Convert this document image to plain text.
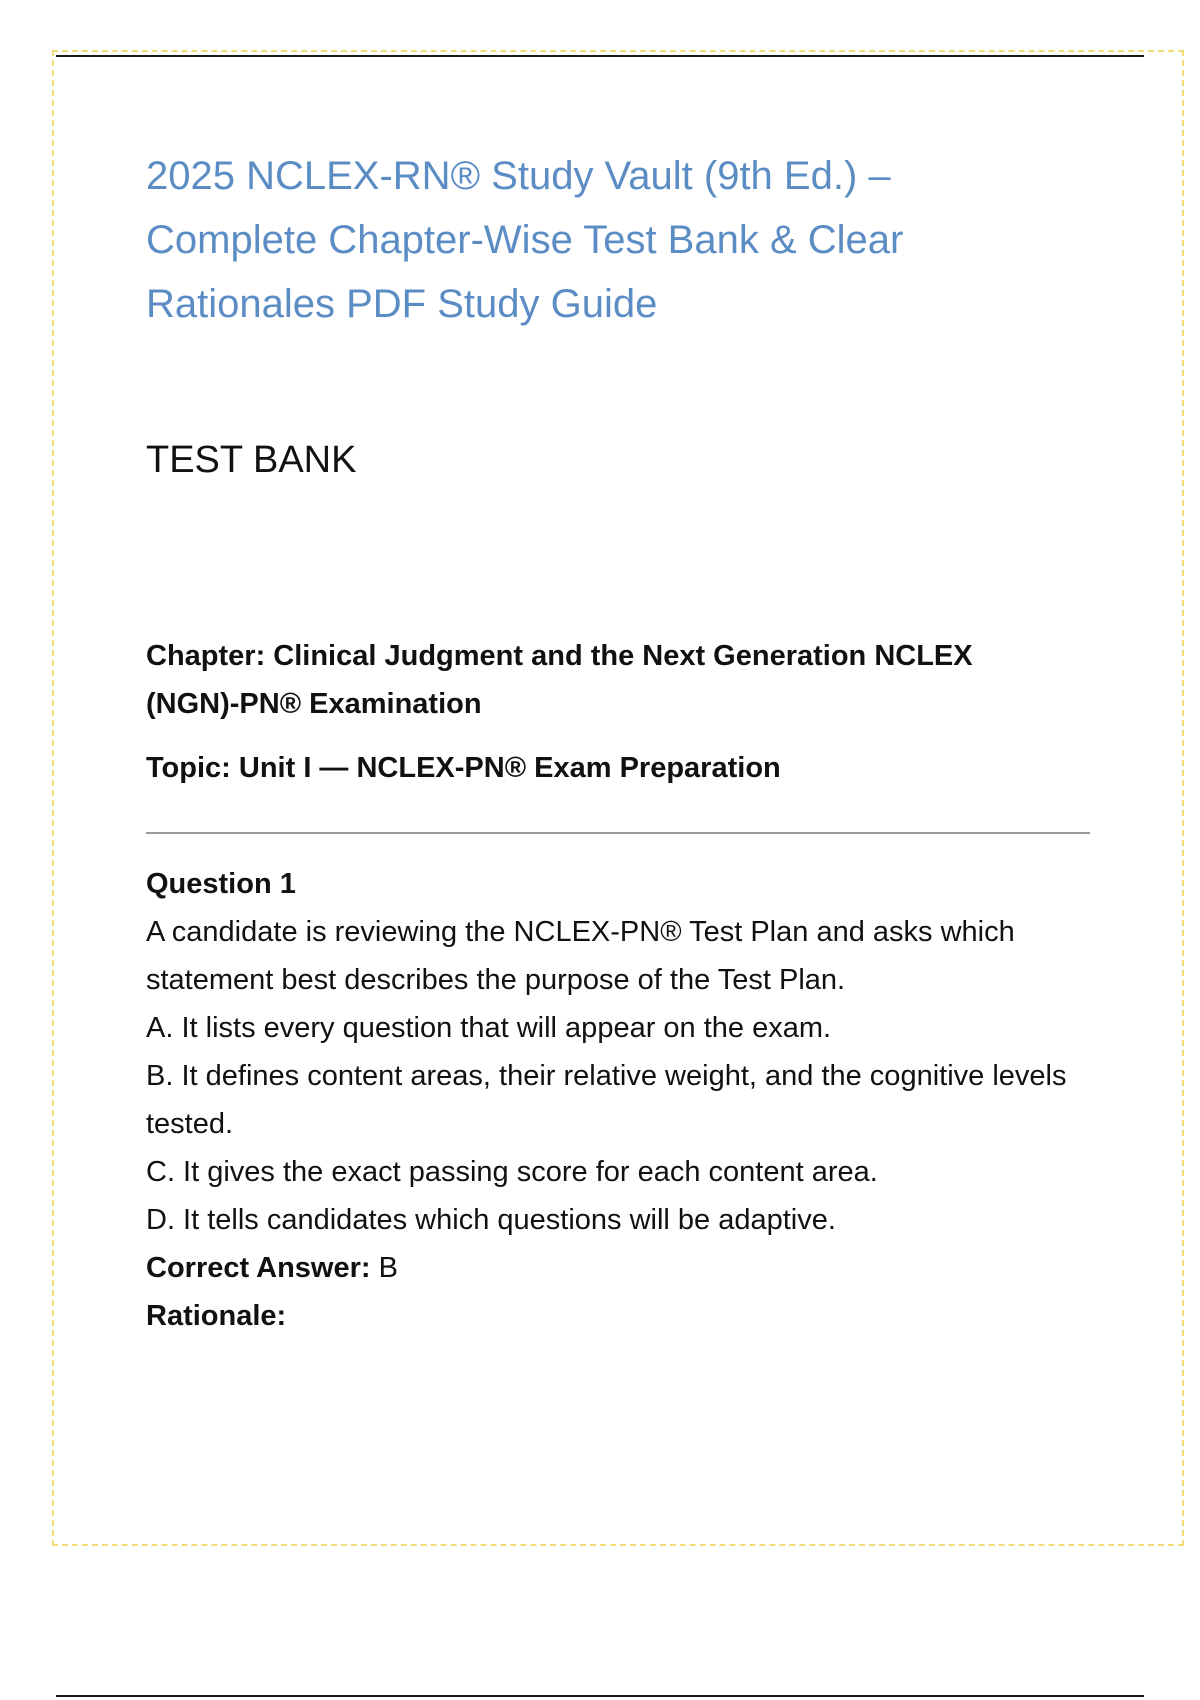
2025 NCLEX-RN® Study Vault (9th Ed.) – Complete Chapter-Wise Test Bank & Clear Rationales PDF Study Guide
TEST BANK
Chapter: Clinical Judgment and the Next Generation NCLEX (NGN)-PN® Examination
Topic: Unit I — NCLEX-PN® Exam Preparation
Question 1
A candidate is reviewing the NCLEX-PN® Test Plan and asks which statement best describes the purpose of the Test Plan.
A. It lists every question that will appear on the exam.
B. It defines content areas, their relative weight, and the cognitive levels tested.
C. It gives the exact passing score for each content area.
D. It tells candidates which questions will be adaptive.
Correct Answer: B
Rationale:
